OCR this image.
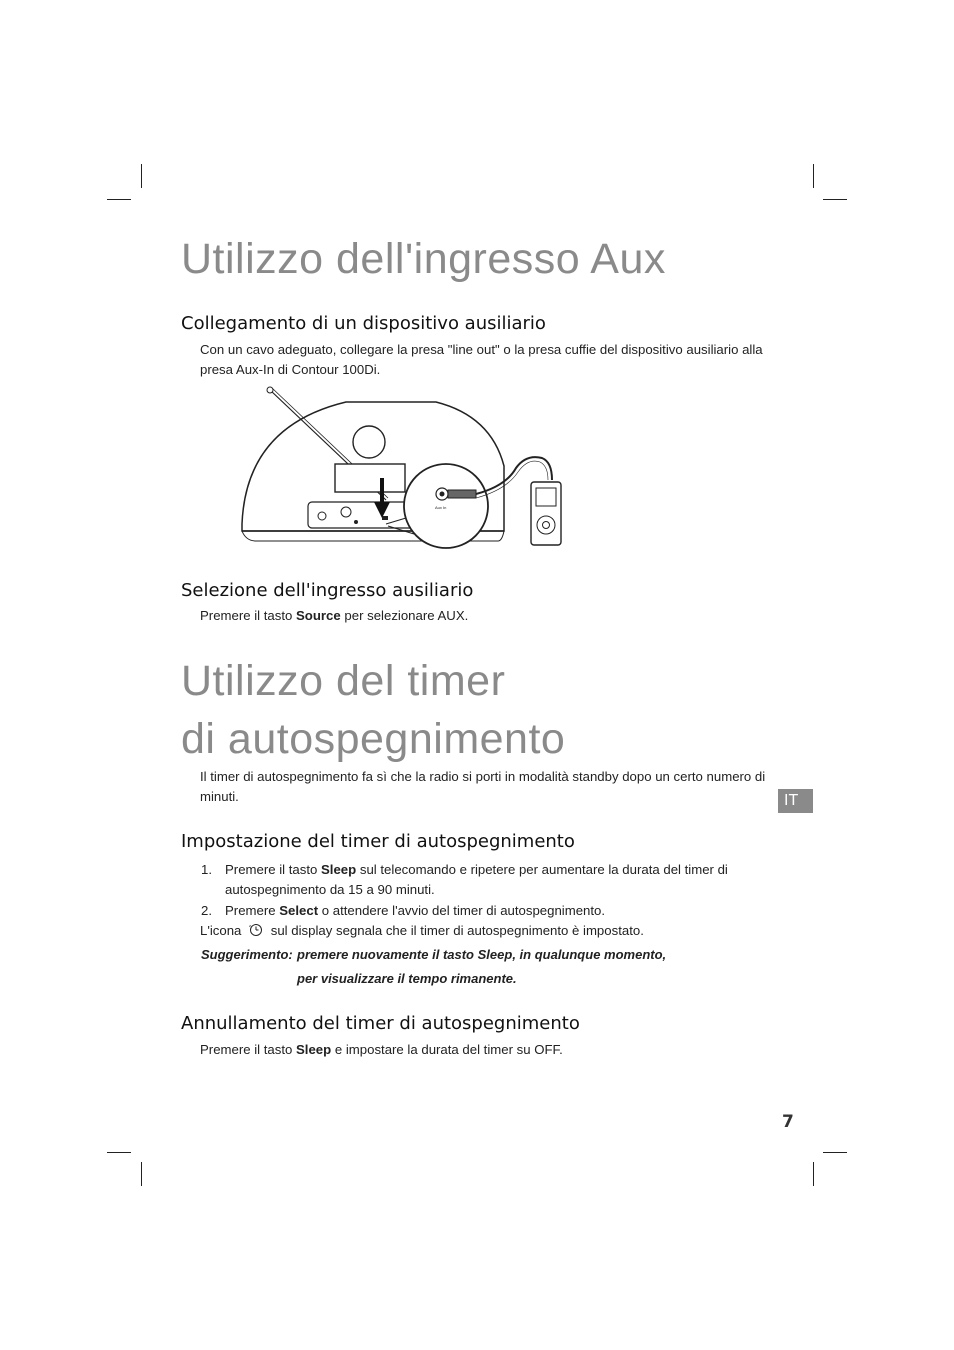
Utilizzo dell'ingresso Aux
Collegamento di un dispositivo ausiliario

Con un cavo adeguato, collegare la presa "line out" o la presa cuffie del dispositivo ausiliario alla presa Aux-In di Contour 100Di.

Aux In
Selezione dell'ingresso ausiliario

Premere il tasto Source per selezionare AUX.

Utilizzo del timer
di autospegnimento

Il timer di autospegnimento fa sì che la radio si porti in modalità standby dopo un certo numero di minuti.	IT
Impostazione del timer di autospegnimento
1. Premere il tasto Sleep sul telecomando e ripetere per aumentare la durata del timer di autospegnimento da 15 a 90 minuti.
2. Premere Select o attendere l'avvio del timer di autospegnimento.

L'icona z sul display segnala che il timer di autospegnimento è impostato.

Suggerimento: premere nuovamente il tasto Sleep, in qualunque momento,
per visualizzare il tempo rimanente.
Annullamento del timer di autospegnimento

Premere il tasto Sleep e impostare la durata del timer su OFF.

7
